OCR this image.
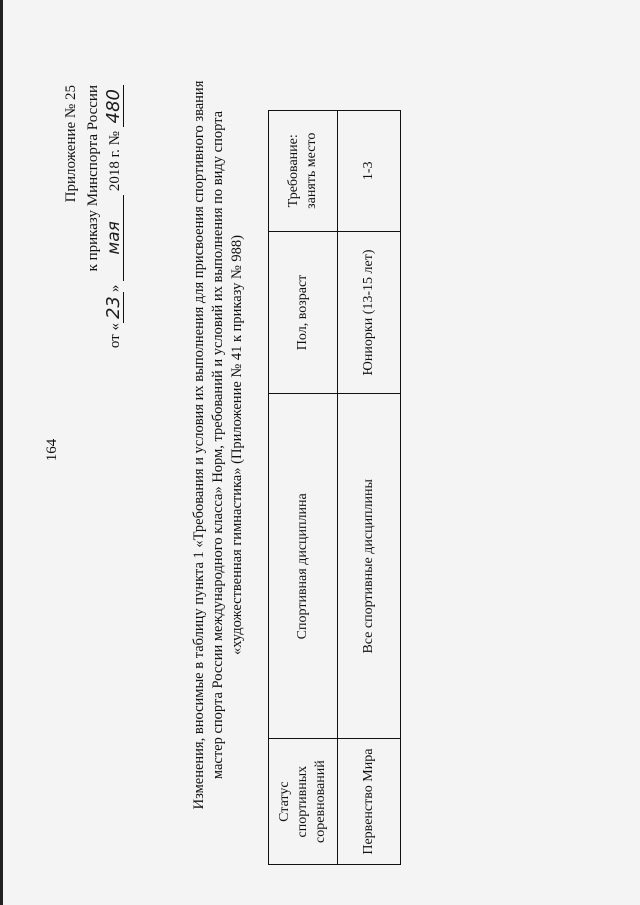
164
Приложение № 25 к приказу Минспорта России
от «23» мая 2018 г. № 480	Изменения, вносимые в таблицу пункта 1 «Требования и условия их выполнения для присвоения спортивного звания мастер спорта России международного класса» Норм, требований и условий их выполнения по виду спорта «художественная гимнастика» (Приложение № 41 к приказу № 988)
Статус спортивных соревнований	Спортивная дисциплина	Пол, возраст	Требование: занять место
Первенство Мира	Все спортивные дисциплины	Юниорки (13-15 лет)	1-3
